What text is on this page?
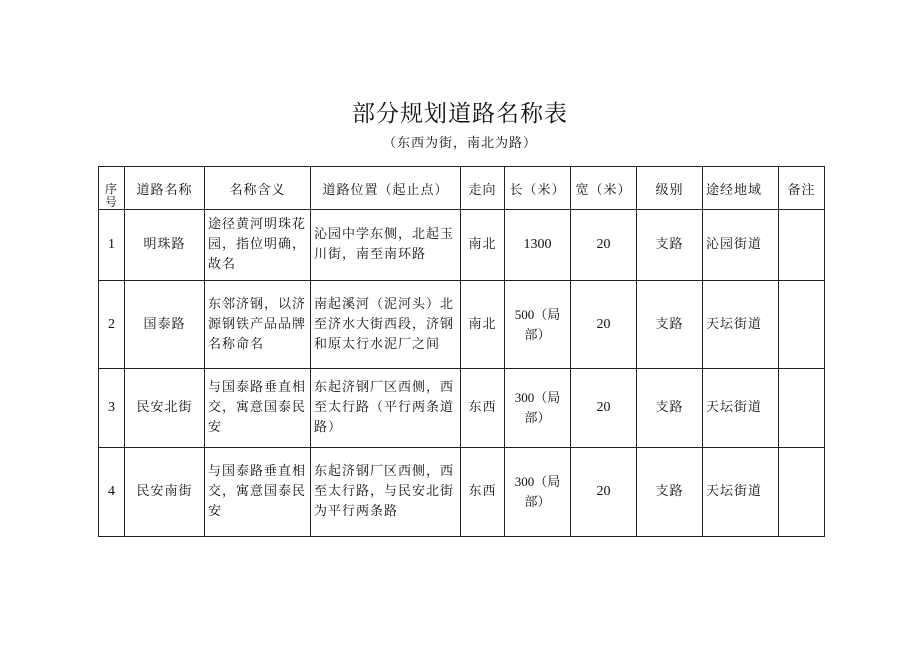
部分规划道路名称表
（东西为街，南北为路）
序号	道路名称	名称含义	道路位置（起止点）	走向	长（米）	宽（米）	级别	途经地域	备注
1	明珠路	途径黄河明珠花园，指位明确，故名	沁园中学东侧，北起玉川街，南至南环路	南北	1300	20	支路	沁园街道	
2	国泰路	东邻济钢，以济源钢铁产品品牌名称命名	南起溪河（泥河头）北至济水大街西段，济钢和原太行水泥厂之间	南北	500（局部）	20	支路	天坛街道	
3	民安北街	与国泰路垂直相交，寓意国泰民安	东起济钢厂区西侧，西至太行路（平行两条道路）	东西	300（局部）	20	支路	天坛街道	
4	民安南街	与国泰路垂直相交，寓意国泰民安	东起济钢厂区西侧，西至太行路，与民安北街为平行两条路	东西	300（局部）	20	支路	天坛街道	
